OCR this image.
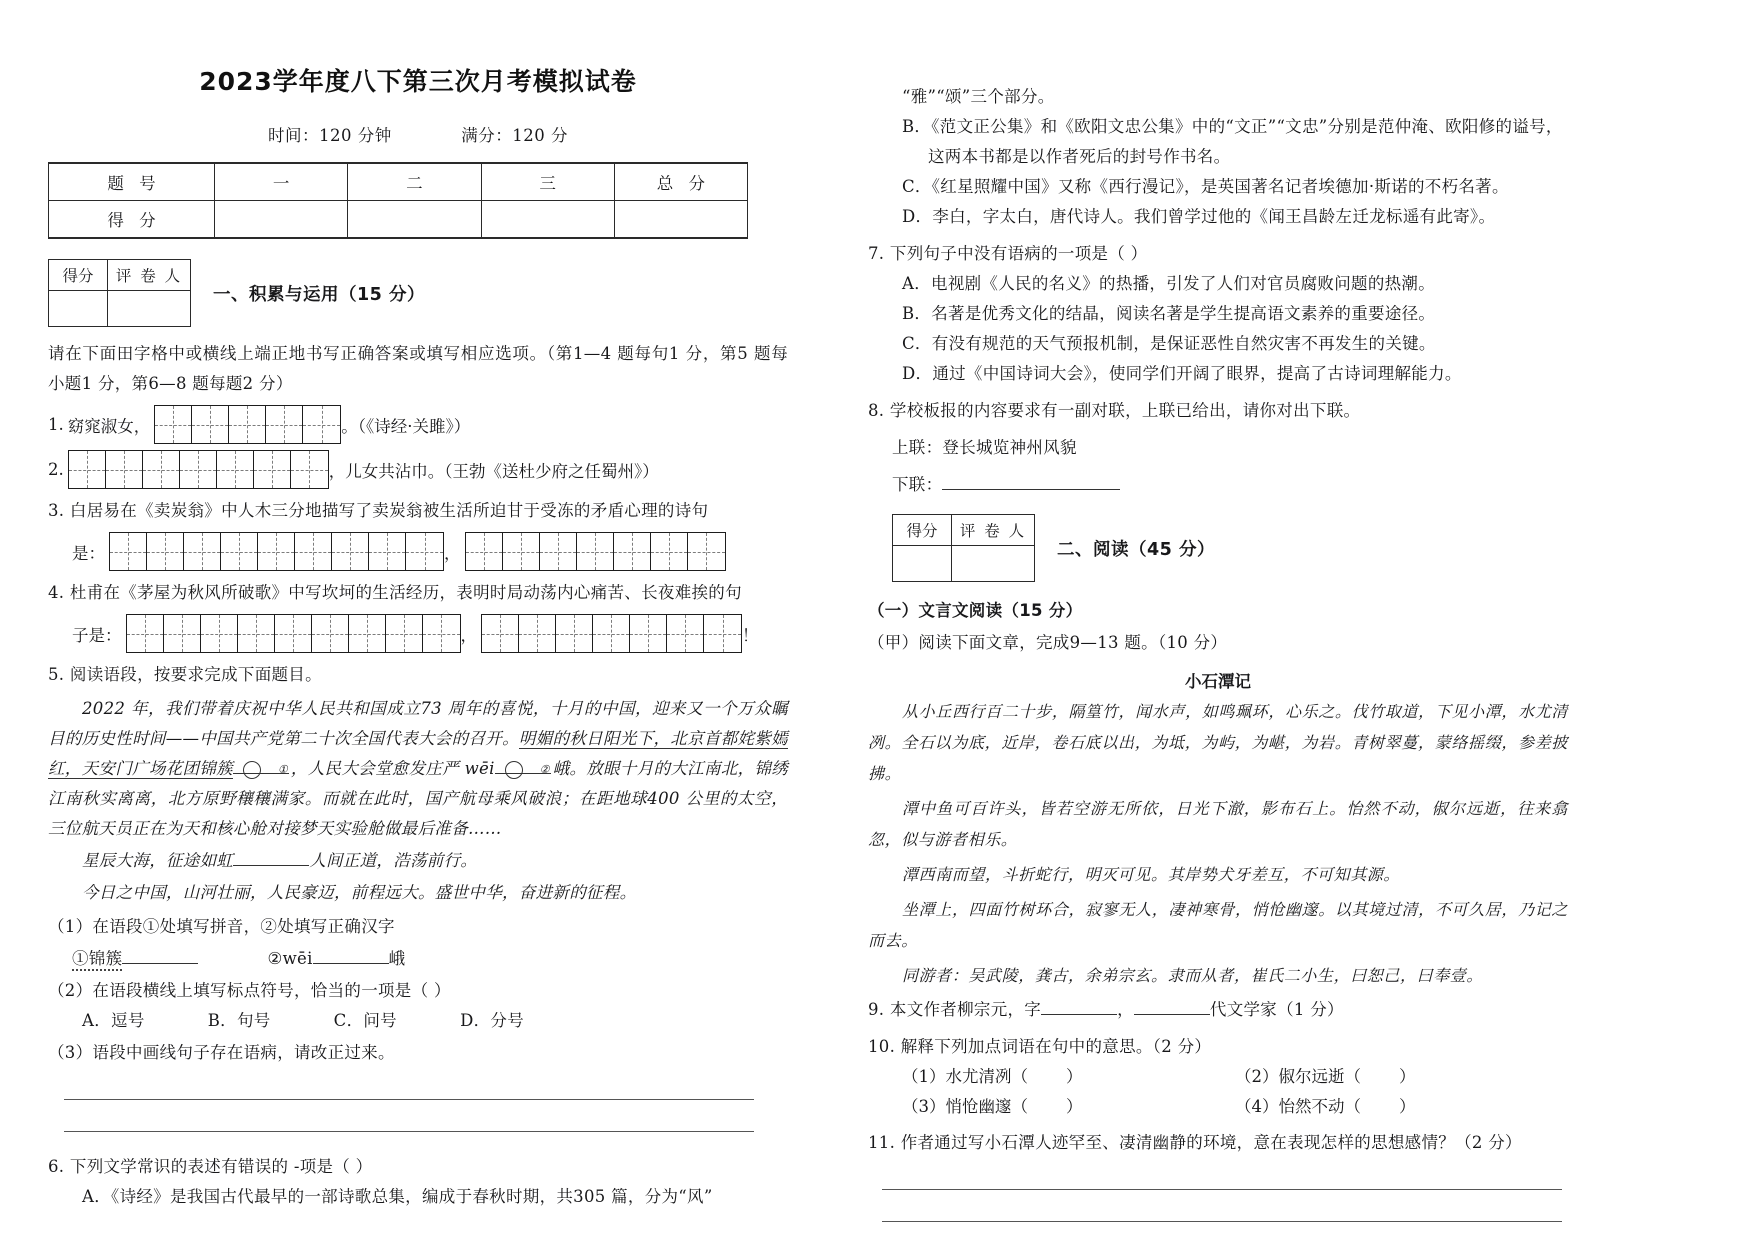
2023学年度八下第三次月考模拟试卷
时间：120 分钟	满分：120 分
题 号	一	二	三	总 分
得 分				
得分	评 卷 人

一、积累与运用（15 分）
请在下面田字格中或横线上端正地书写正确答案或填写相应选项。（第1—4 题每句1 分，第5 题每小题1 分，第6—8 题每题2 分）
1. 窈窕淑女，	。（《诗经·关雎》）
2.	，儿女共沾巾。（王勃《送杜少府之任蜀州》）
3. 白居易在《卖炭翁》中人木三分地描写了卖炭翁被生活所迫甘于受冻的矛盾心理的诗句
是：	，
4. 杜甫在《茅屋为秋风所破歌》中写坎坷的生活经历，表明时局动荡内心痛苦、长夜难挨的句
子是：	，	！
5. 阅读语段，按要求完成下面题目。
2022 年，我们带着庆祝中华人民共和国成立73 周年的喜悦，十月的中国，迎来又一个万众瞩目的历史性时间——中国共产党第二十次全国代表大会的召开。明媚的秋日阳光下，北京首都姹紫嫣红，天安门广场花团锦簇	① ，人民大会堂愈发庄严 wēi	② 峨。放眼十月的大江南北，锦绣江南秋实离离，北方原野穰穰满家。而就在此时，国产航母乘风破浪；在距地球400 公里的太空，三位航天员正在为天和核心舱对接梦天实验舱做最后准备……
星辰大海，征途如虹	人间正道，浩荡前行。
今日之中国，山河壮丽，人民豪迈，前程远大。盛世中华，奋进新的征程。
（1）在语段①处填写拼音，②处填写正确汉字
①锦簇	②wēi	峨
（2）在语段横线上填写标点符号，恰当的一项是（ ）
A．逗号	B．句号	C．问号	D．分号
（3）语段中画线句子存在语病，请改正过来。
6. 下列文学常识的表述有错误的 -项是（ ）
A．《诗经》是我国古代最早的一部诗歌总集，编成于春秋时期，共305 篇，分为“风”
“雅”“颂”三个部分。
B．《范文正公集》和《欧阳文忠公集》中的“文正”“文忠”分别是范仲淹、欧阳修的谥号，这两本书都是以作者死后的封号作书名。
C．《红星照耀中国》又称《西行漫记》，是英国著名记者埃德加·斯诺的不朽名著。
D．李白，字太白，唐代诗人。我们曾学过他的《闻王昌龄左迁龙标遥有此寄》。
7. 下列句子中没有语病的一项是（ ）
A．电视剧《人民的名义》的热播，引发了人们对官员腐败问题的热潮。
B．名著是优秀文化的结晶，阅读名著是学生提高语文素养的重要途径。
C．有没有规范的天气预报机制，是保证恶性自然灾害不再发生的关键。
D．通过《中国诗词大会》，使同学们开阔了眼界，提高了古诗词理解能力。
8. 学校板报的内容要求有一副对联，上联已给出，请你对出下联。
上联：登长城览神州风貌
下联：
得分	评 卷 人

二、阅读（45 分）
（一）文言文阅读（15 分）
（甲）阅读下面文章，完成9—13 题。（10 分）
小石潭记
从小丘西行百二十步，隔篁竹，闻水声，如鸣珮环，心乐之。伐竹取道，下见小潭，水尤清冽。全石以为底，近岸，卷石底以出，为坻，为屿，为嵁，为岩。青树翠蔓，蒙络摇缀，参差披拂。
潭中鱼可百许头，皆若空游无所依，日光下澈，影布石上。怡然不动，俶尔远逝，往来翕忽，似与游者相乐。
潭西南而望，斗折蛇行，明灭可见。其岸势犬牙差互，不可知其源。
坐潭上，四面竹树环合，寂寥无人，凄神寒骨，悄怆幽邃。以其境过清，不可久居，乃记之而去。
同游者：吴武陵，龚古，余弟宗玄。隶而从者，崔氏二小生，曰恕己，曰奉壹。
9. 本文作者柳宗元，字	，	代文学家（1 分）
10. 解释下列加点词语在句中的意思。（2 分）
（1）水尤清冽（ ）	（2）俶尔远逝（ ）
（3）悄怆幽邃（ ）	（4）怡然不动（ ）
11. 作者通过写小石潭人迹罕至、凄清幽静的环境，意在表现怎样的思想感情？（2 分）
